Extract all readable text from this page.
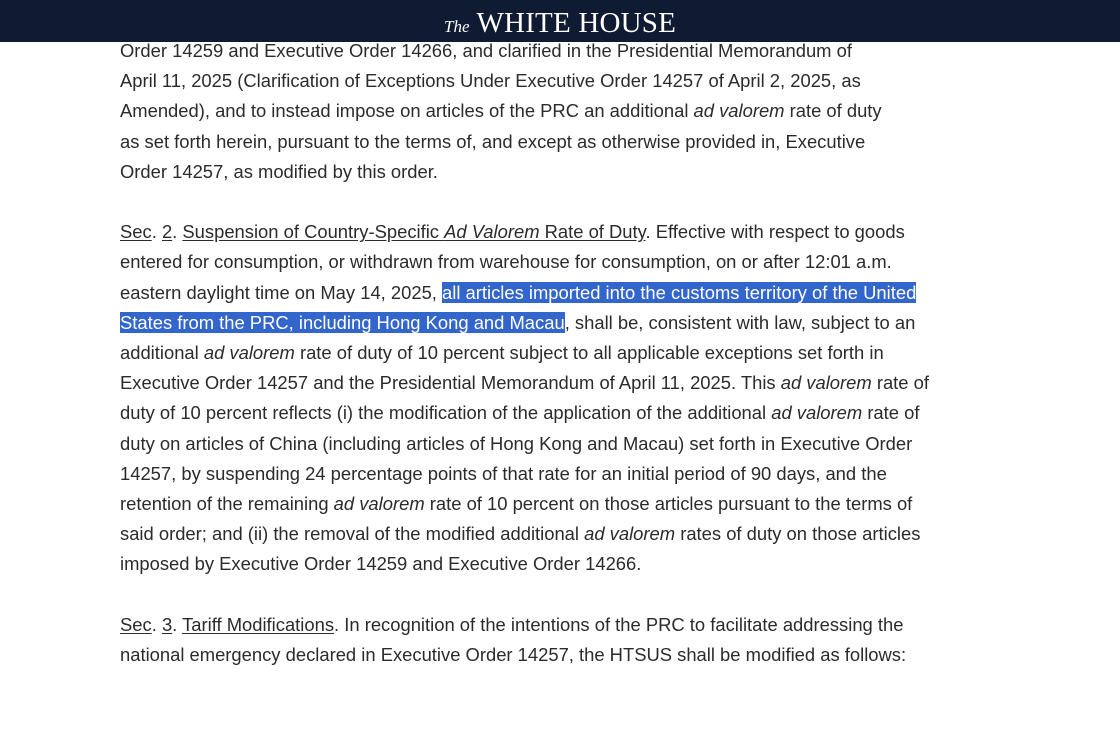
The WHITE HOUSE

Order 14259 and Executive Order 14266, and clarified in the Presidential Memorandum of
April 11, 2025 (Clarification of Exceptions Under Executive Order 14257 of April 2, 2025, as
Amended), and to instead impose on articles of the PRC an additional ad valorem rate of duty
as set forth herein, pursuant to the terms of, and except as otherwise provided in, Executive
Order 14257, as modified by this order.

Sec. 2. Suspension of Country-Specific Ad Valorem Rate of Duty. Effective with respect to goods entered for consumption, or withdrawn from warehouse for consumption, on or after 12:01 a.m. eastern daylight time on May 14, 2025, all articles imported into the customs territory of the United States from the PRC, including Hong Kong and Macau, shall be, consistent with law, subject to an additional ad valorem rate of duty of 10 percent subject to all applicable exceptions set forth in Executive Order 14257 and the Presidential Memorandum of April 11, 2025. This ad valorem rate of duty of 10 percent reflects (i) the modification of the application of the additional ad valorem rate of duty on articles of China (including articles of Hong Kong and Macau) set forth in Executive Order 14257, by suspending 24 percentage points of that rate for an initial period of 90 days, and the retention of the remaining ad valorem rate of 10 percent on those articles pursuant to the terms of said order; and (ii) the removal of the modified additional ad valorem rates of duty on those articles imposed by Executive Order 14259 and Executive Order 14266.

Sec. 3. Tariff Modifications. In recognition of the intentions of the PRC to facilitate addressing the national emergency declared in Executive Order 14257, the HTSUS shall be modified as follows:
